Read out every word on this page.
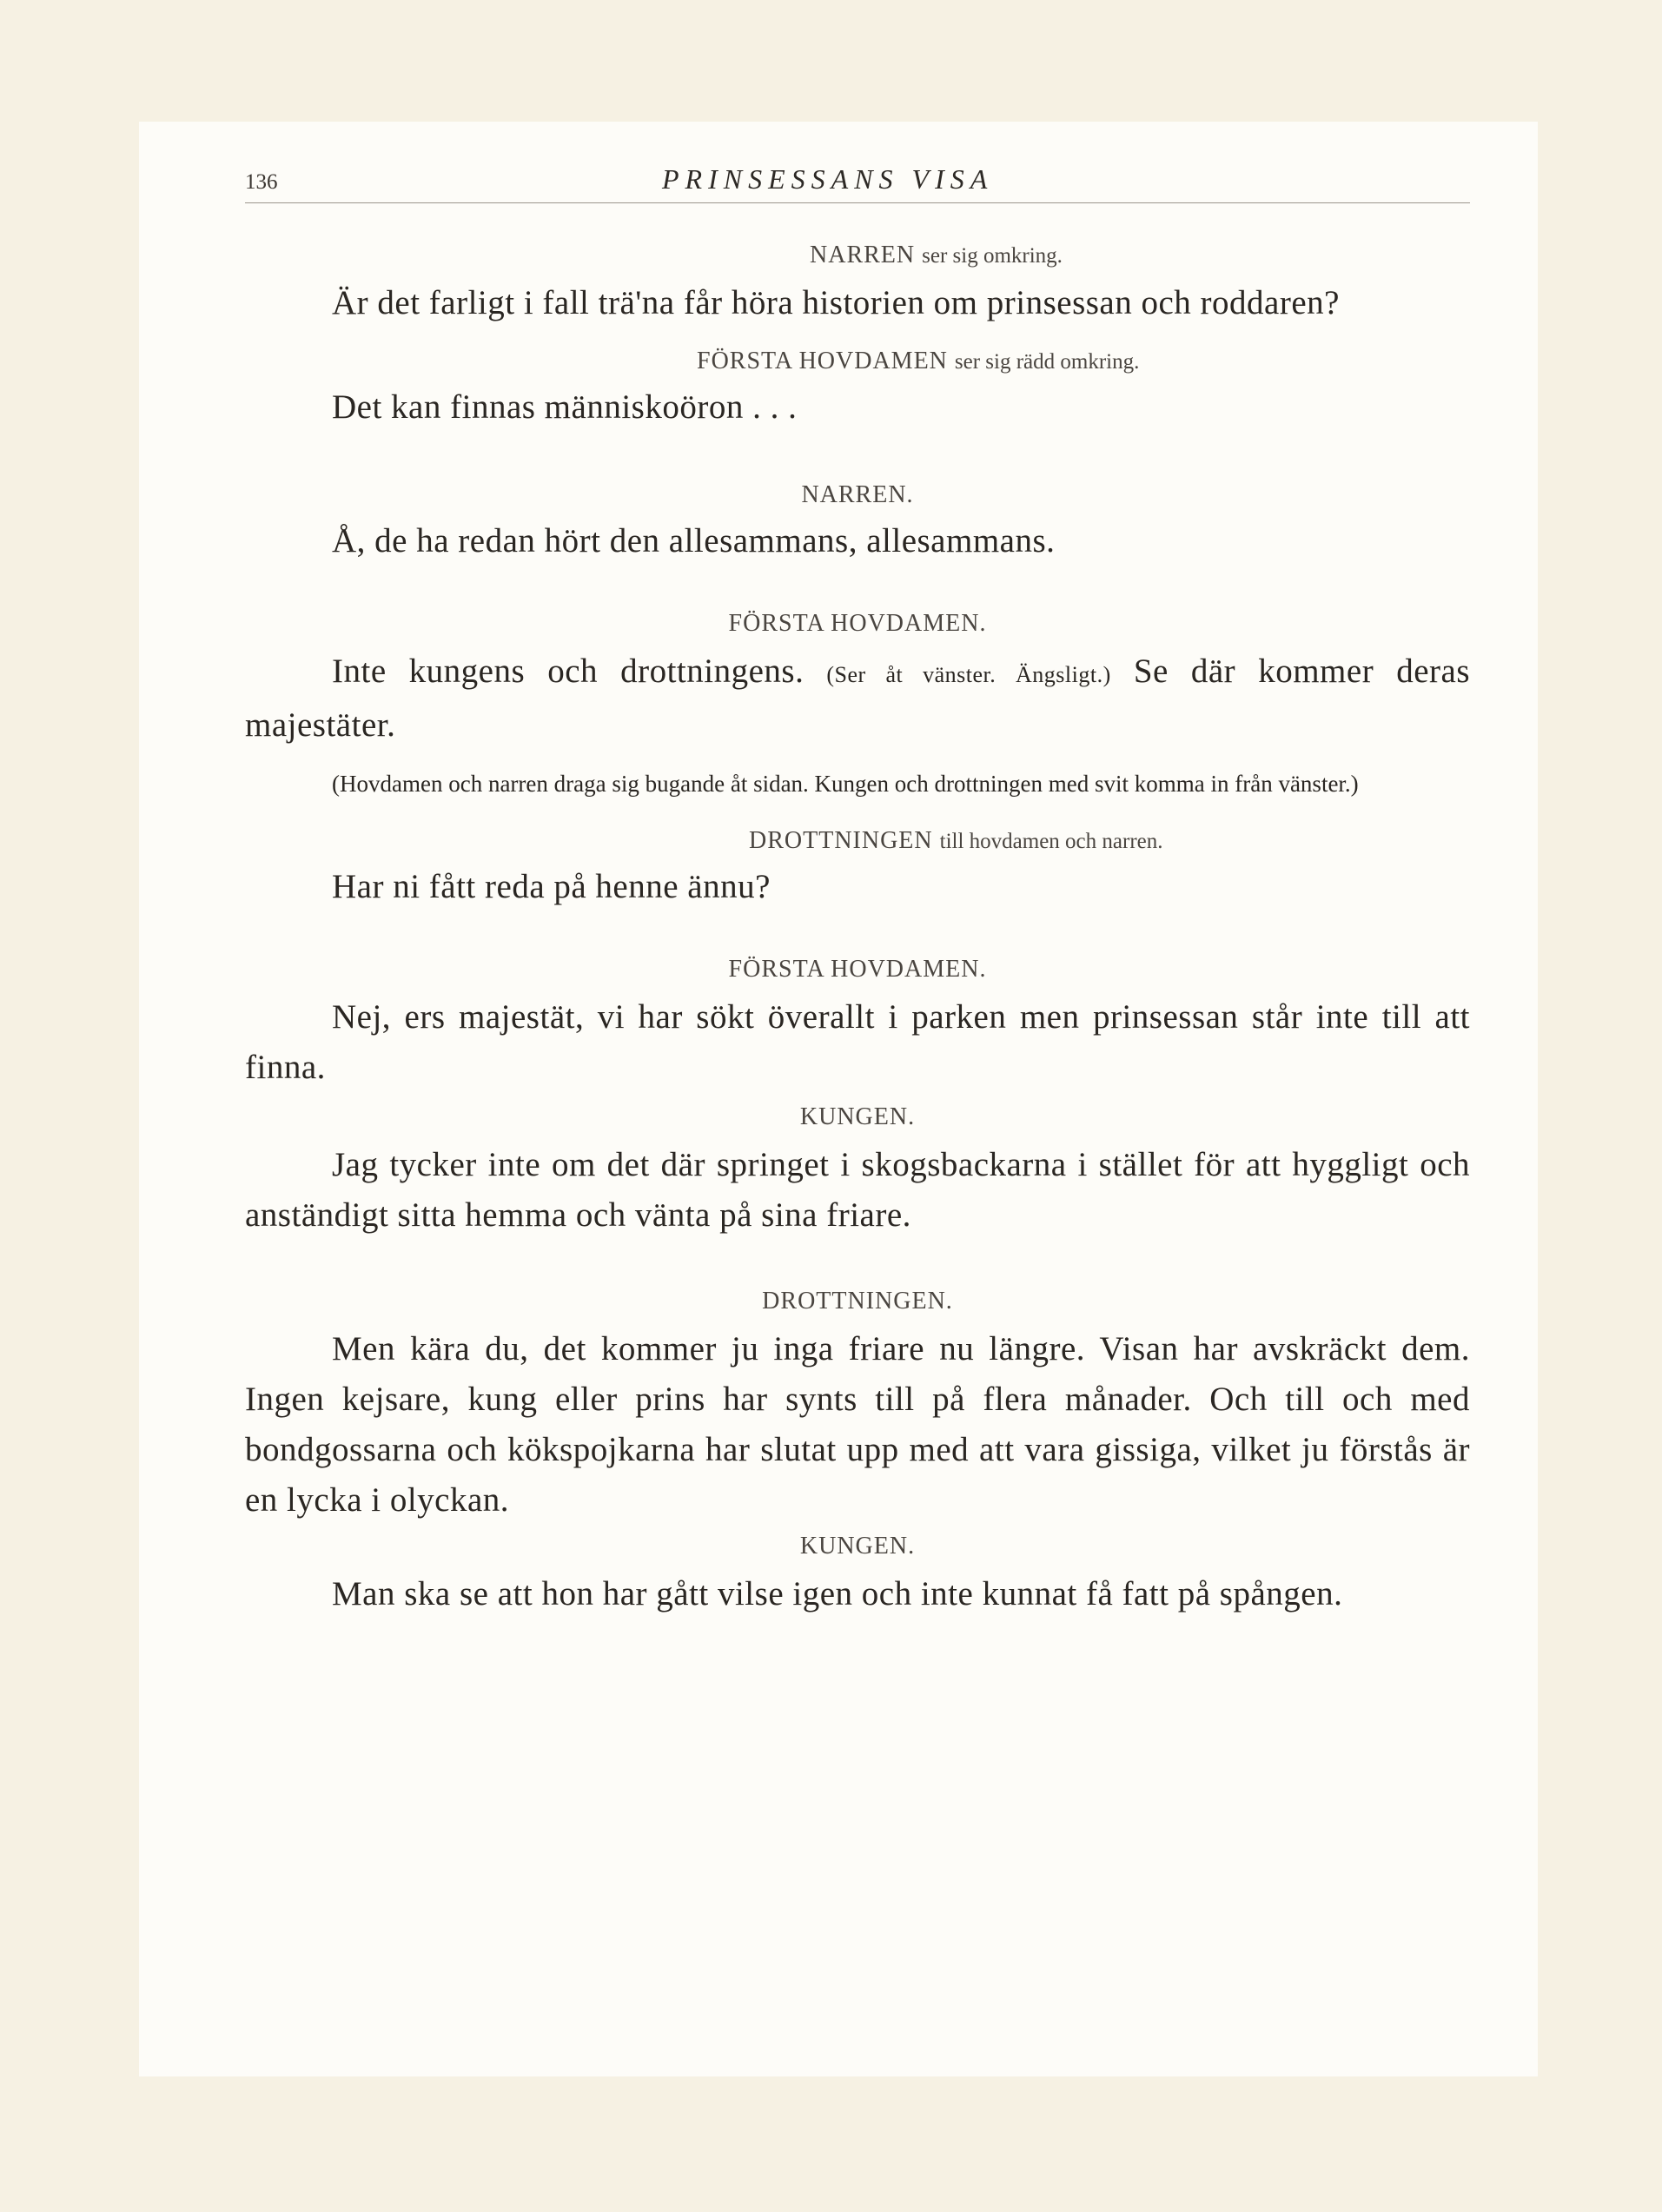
136	PRINSESSANS VISA
NARREN ser sig omkring.

Är det farligt i fall trä'na får höra historien om prinsessan och roddaren?

FÖRSTA HOVDAMEN ser sig rädd omkring.

Det kan finnas människoöron . . .

NARREN.

Å, de ha redan hört den allesammans, allesammans.

FÖRSTA HOVDAMEN.

Inte kungens och drottningens. (Ser åt vänster. Ängsligt.) Se där kommer deras majestäter.

(Hovdamen och narren draga sig bugande åt sidan. Kungen och drottningen med svit komma in från vänster.)

DROTTNINGEN till hovdamen och narren.

Har ni fått reda på henne ännu?

FÖRSTA HOVDAMEN.

Nej, ers majestät, vi har sökt överallt i parken men prinsessan står inte till att finna.

KUNGEN.

Jag tycker inte om det där springet i skogsbackarna i stället för att hyggligt och anständigt sitta hemma och vänta på sina friare.

DROTTNINGEN.

Men kära du, det kommer ju inga friare nu längre. Visan har avskräckt dem. Ingen kejsare, kung eller prins har synts till på flera månader. Och till och med bondgossarna och kökspojkarna har slutat upp med att vara gissiga, vilket ju förstås är en lycka i olyckan.

KUNGEN.

Man ska se att hon har gått vilse igen och inte kunnat få fatt på spången.
